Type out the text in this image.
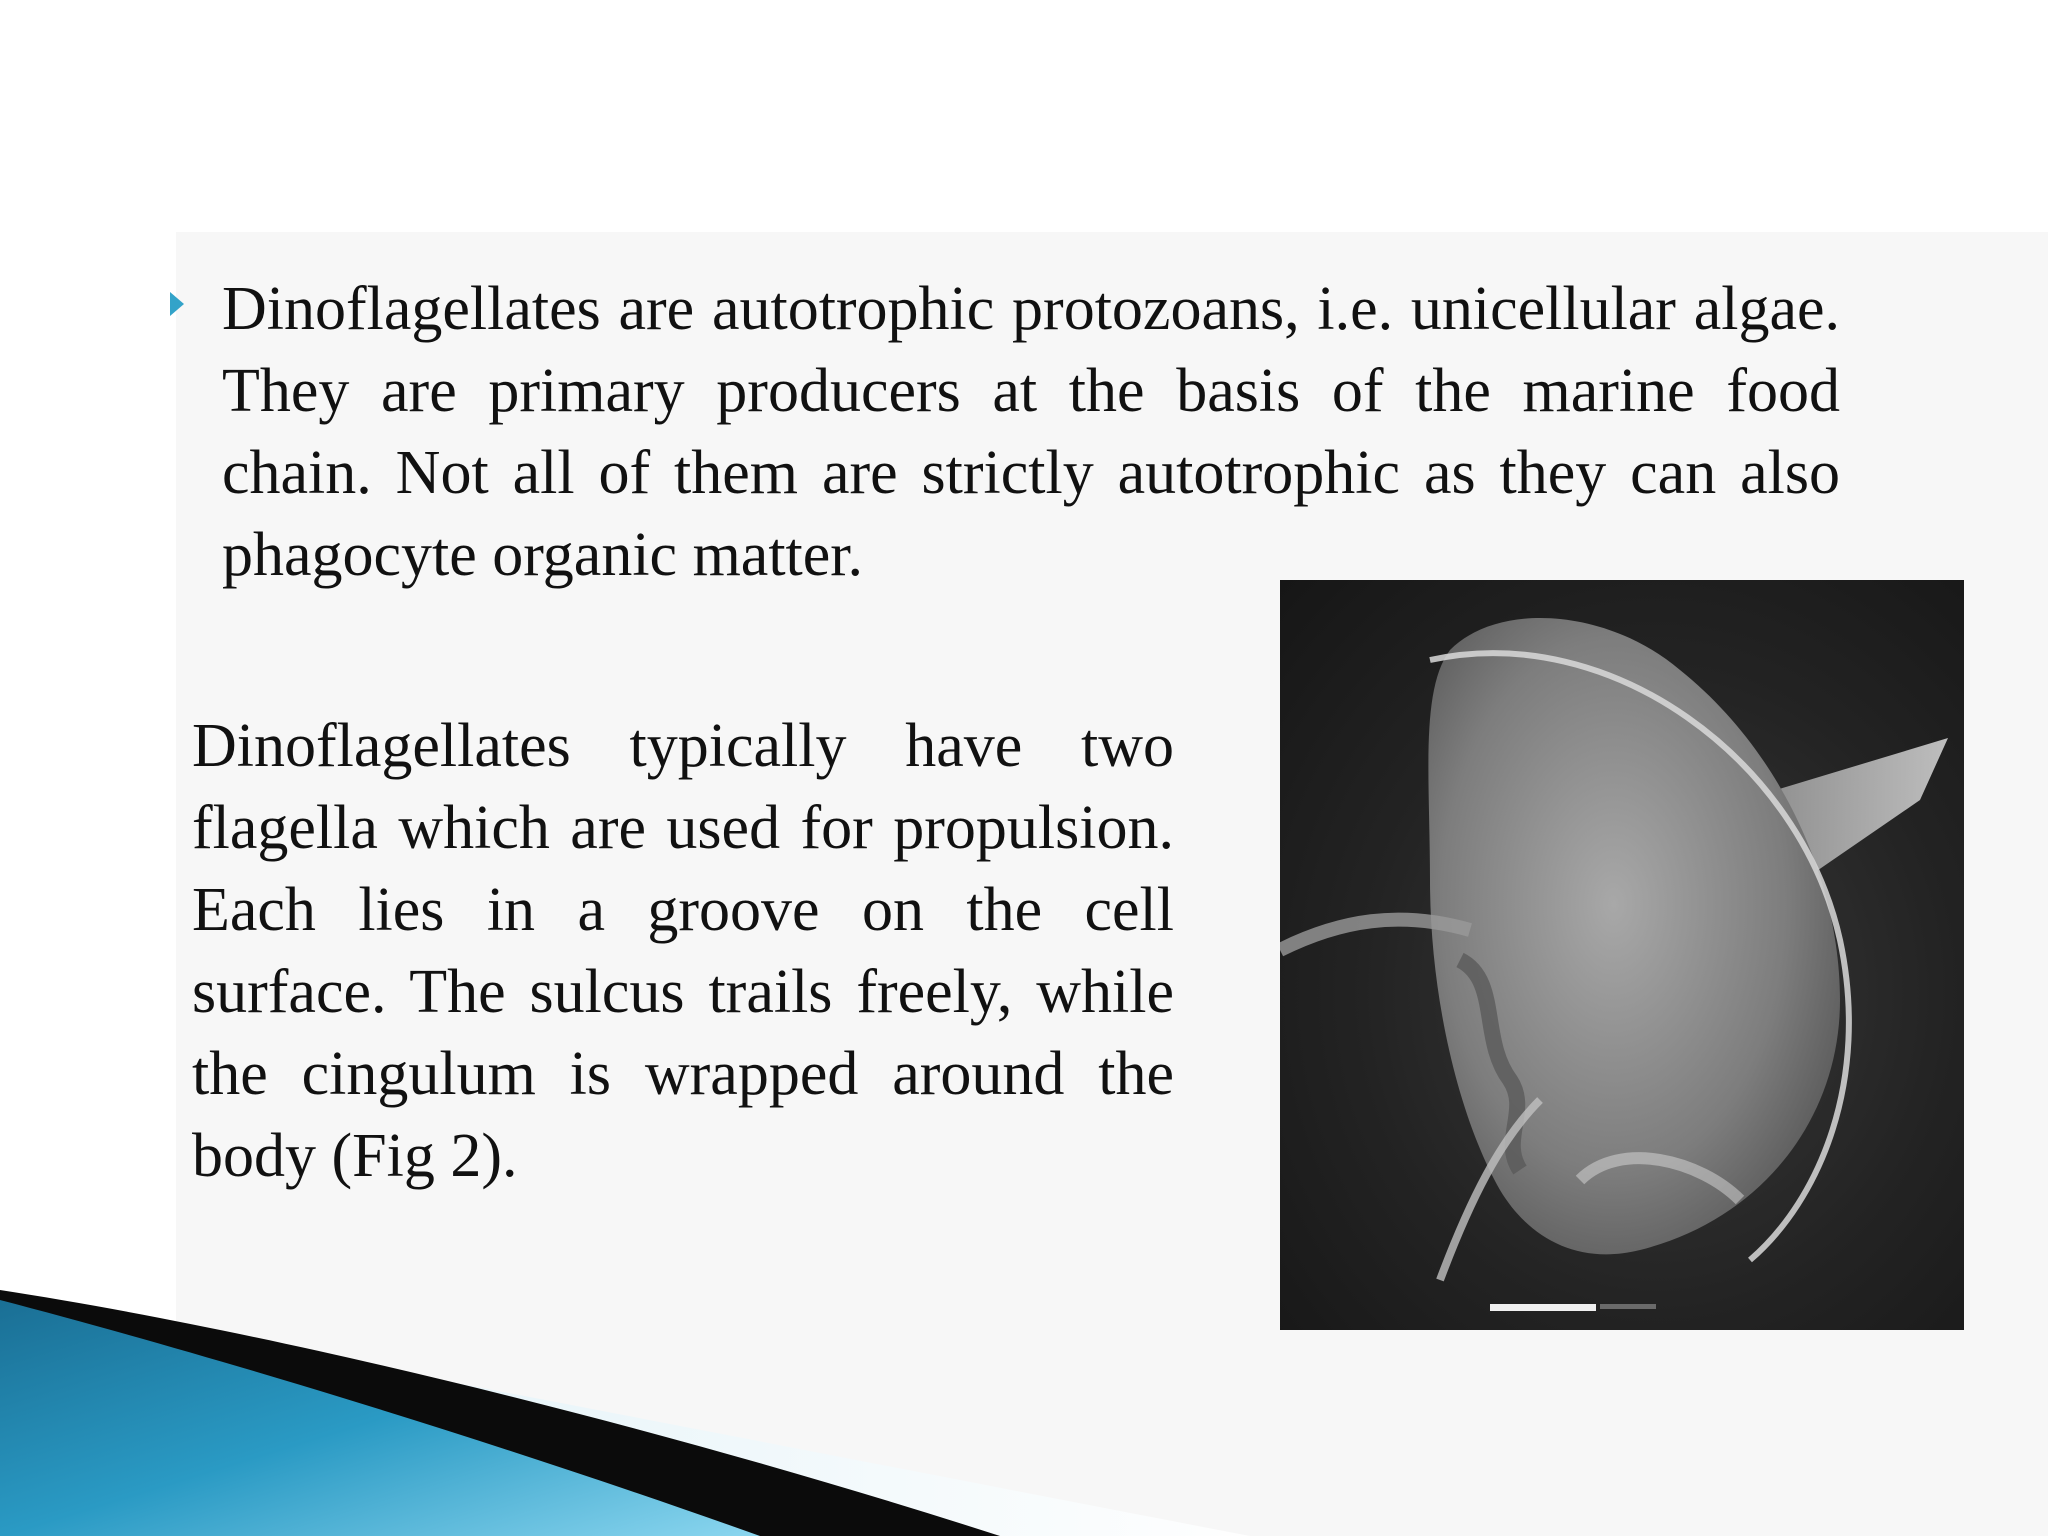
Dinoflagellates are autotrophic protozoans, i.e. unicellular algae. They are primary producers at the basis of the marine food chain. Not all of them are strictly autotrophic as they can also phagocyte organic matter.
Dinoflagellates typically have two flagella which are used for propulsion. Each lies in a groove on the cell surface. The sulcus trails freely, while the cingulum is wrapped around the body (Fig 2).
